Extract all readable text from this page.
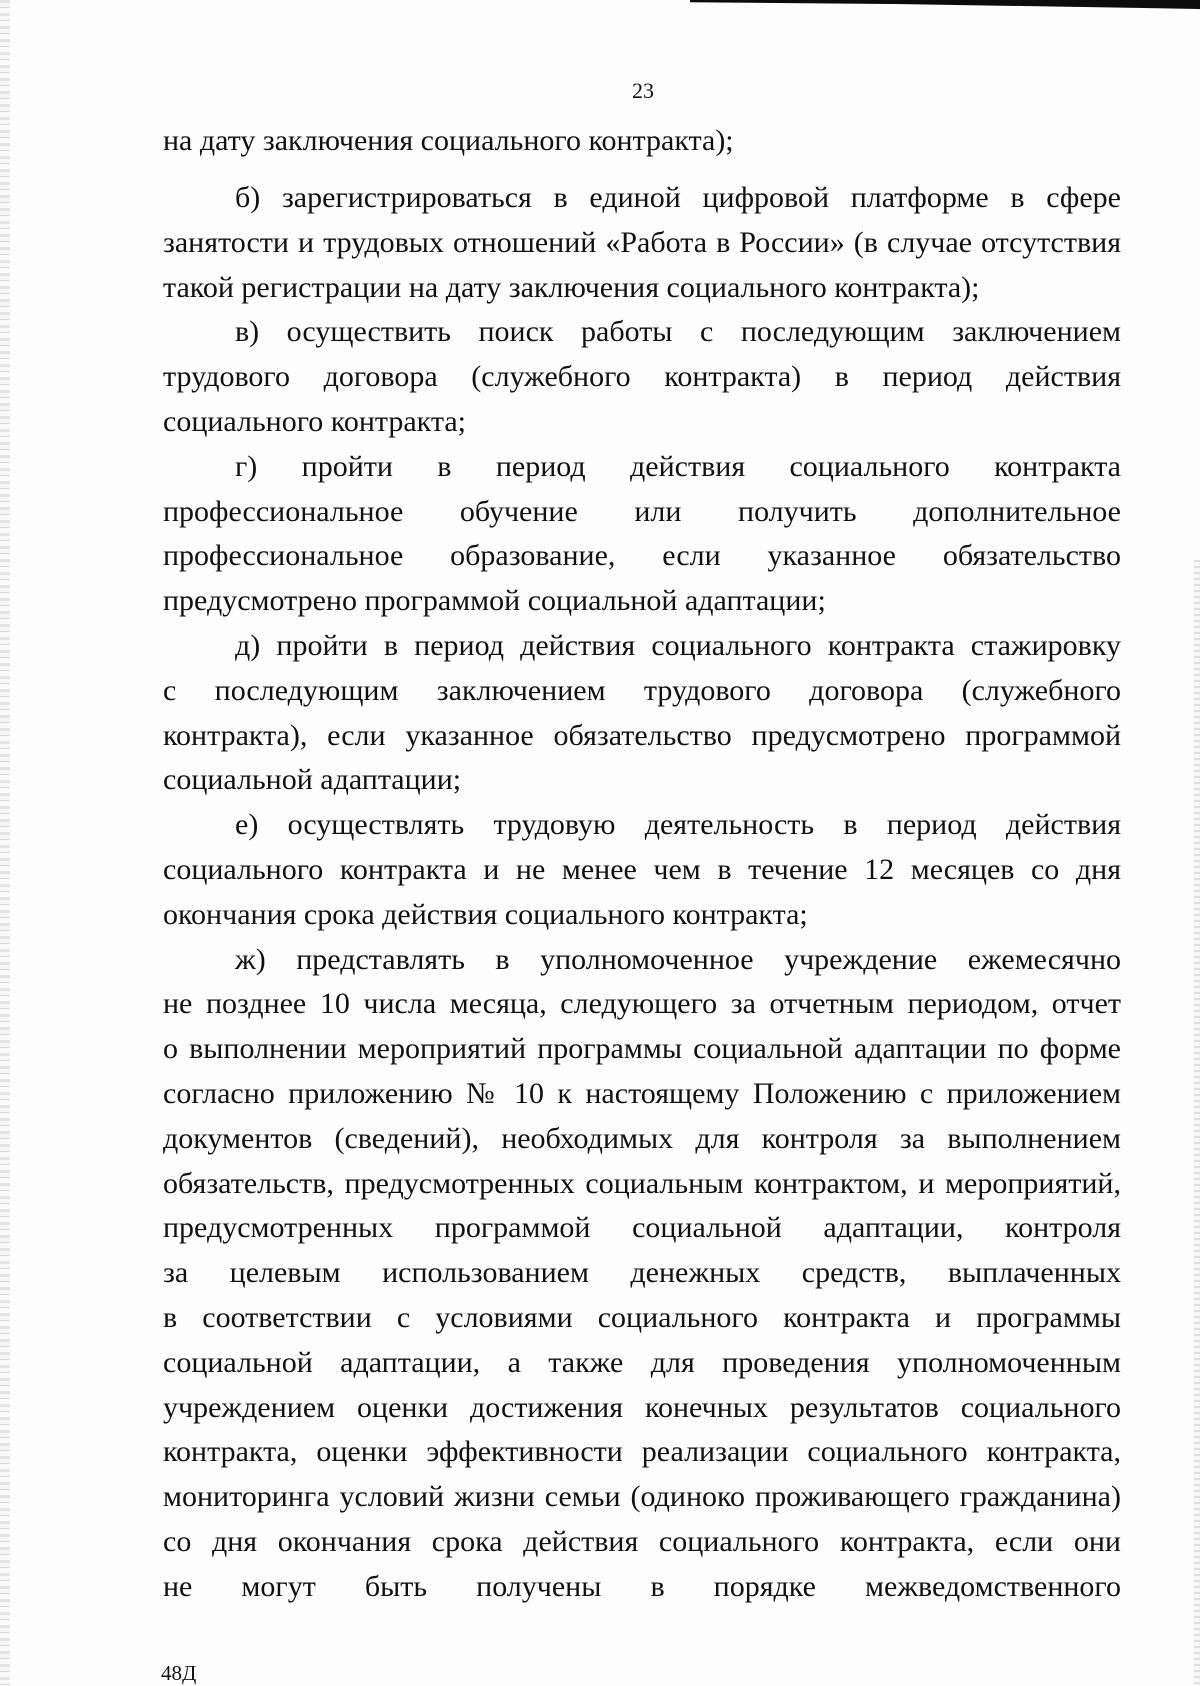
23
на дату заключения социального контракта);
б) зарегистрироваться в единой цифровой платформе в сфере
занятости и трудовых отношений «Работа в России» (в случае отсутствия
такой регистрации на дату заключения социального контракта);
в) осуществить поиск работы с последующим заключением
трудового договора (служебного контракта) в период действия
социального контракта;
г) пройти в период действия социального контракта
профессиональное обучение или получить дополнительное
профессиональное образование, если указанное обязательство
предусмотрено программой социальной адаптации;
д) пройти в период действия социального контракта стажировку
с последующим заключением трудового договора (служебного
контракта), если указанное обязательство предусмотрено программой
социальной адаптации;
е) осуществлять трудовую деятельность в период действия
социального контракта и не менее чем в течение 12 месяцев со дня
окончания срока действия социального контракта;
ж) представлять в уполномоченное учреждение ежемесячно
не позднее 10 числа месяца, следующего за отчетным периодом, отчет
о выполнении мероприятий программы социальной адаптации по форме
согласно приложению № 10 к настоящему Положению с приложением
документов (сведений), необходимых для контроля за выполнением
обязательств, предусмотренных социальным контрактом, и мероприятий,
предусмотренных программой социальной адаптации, контроля
за целевым использованием денежных средств, выплаченных
в соответствии с условиями социального контракта и программы
социальной адаптации, а также для проведения уполномоченным
учреждением оценки достижения конечных результатов социального
контракта, оценки эффективности реализации социального контракта,
мониторинга условий жизни семьи (одиноко проживающего гражданина)
со дня окончания срока действия социального контракта, если они
не могут быть получены в порядке межведомственного
48Д
